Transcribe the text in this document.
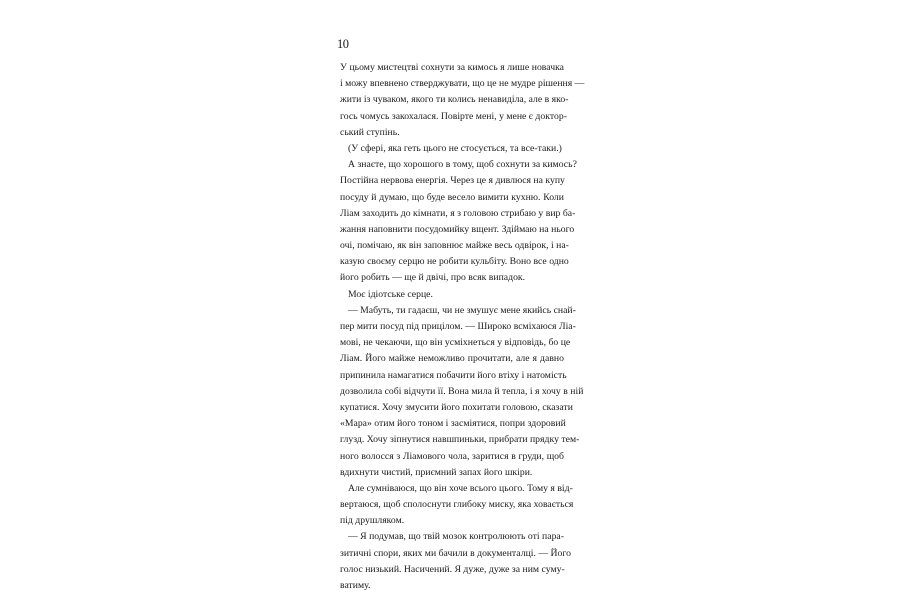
10
У цьому мистецтві сохнути за кимось я лише новачка
і можу впевнено стверджувати, що це не мудре рішення —
жити із чуваком, якого ти колись ненавиділа, але в яко-
гось чомусь закохалася. Повірте мені, у мене є доктор-
ський ступінь.
(У сфері, яка геть цього не стосується, та все-таки.)
А знаєте, що хорошого в тому, щоб сохнути за кимось?
Постійна нервова енергія. Через це я дивлюся на купу
посуду й думаю, що буде весело вимити кухню. Коли
Ліам заходить до кімнати, я з головою стрибаю у вир ба-
жання наповнити посудомийку вщент. Здіймаю на нього
очі, помічаю, як він заповнює майже весь одвірок, і на-
казую своєму серцю не робити кульбіту. Воно все одно
його робить — ще й двічі, про всяк випадок.
Моє ідіотське серце.
— Мабуть, ти гадаєш, чи не змушує мене якийсь снай-
пер мити посуд під прицілом. — Широко всміхаюся Ліа-
мові, не чекаючи, що він усміхнеться у відповідь, бо це
Ліам. Його майже неможливо прочитати, але я давно
припинила намагатися побачити його втіху і натомість
дозволила собі відчути її. Вона мила й тепла, і я хочу в ній
купатися. Хочу змусити його похитати головою, сказати
«Мара» отим його тоном і засміятися, попри здоровий
глузд. Хочу зіпнутися навшпиньки, прибрати прядку тем-
ного волосся з Ліамового чола, заритися в груди, щоб
вдихнути чистий, приємний запах його шкіри.
Але сумніваюся, що він хоче всього цього. Тому я від-
вертаюся, щоб сполоснути глибоку миску, яка ховається
під друшляком.
— Я подумав, що твій мозок контролюють оті пара-
зитичні спори, яких ми бачили в документалці. — Його
голос низький. Насичений. Я дуже, дуже за ним суму-
ватиму.
